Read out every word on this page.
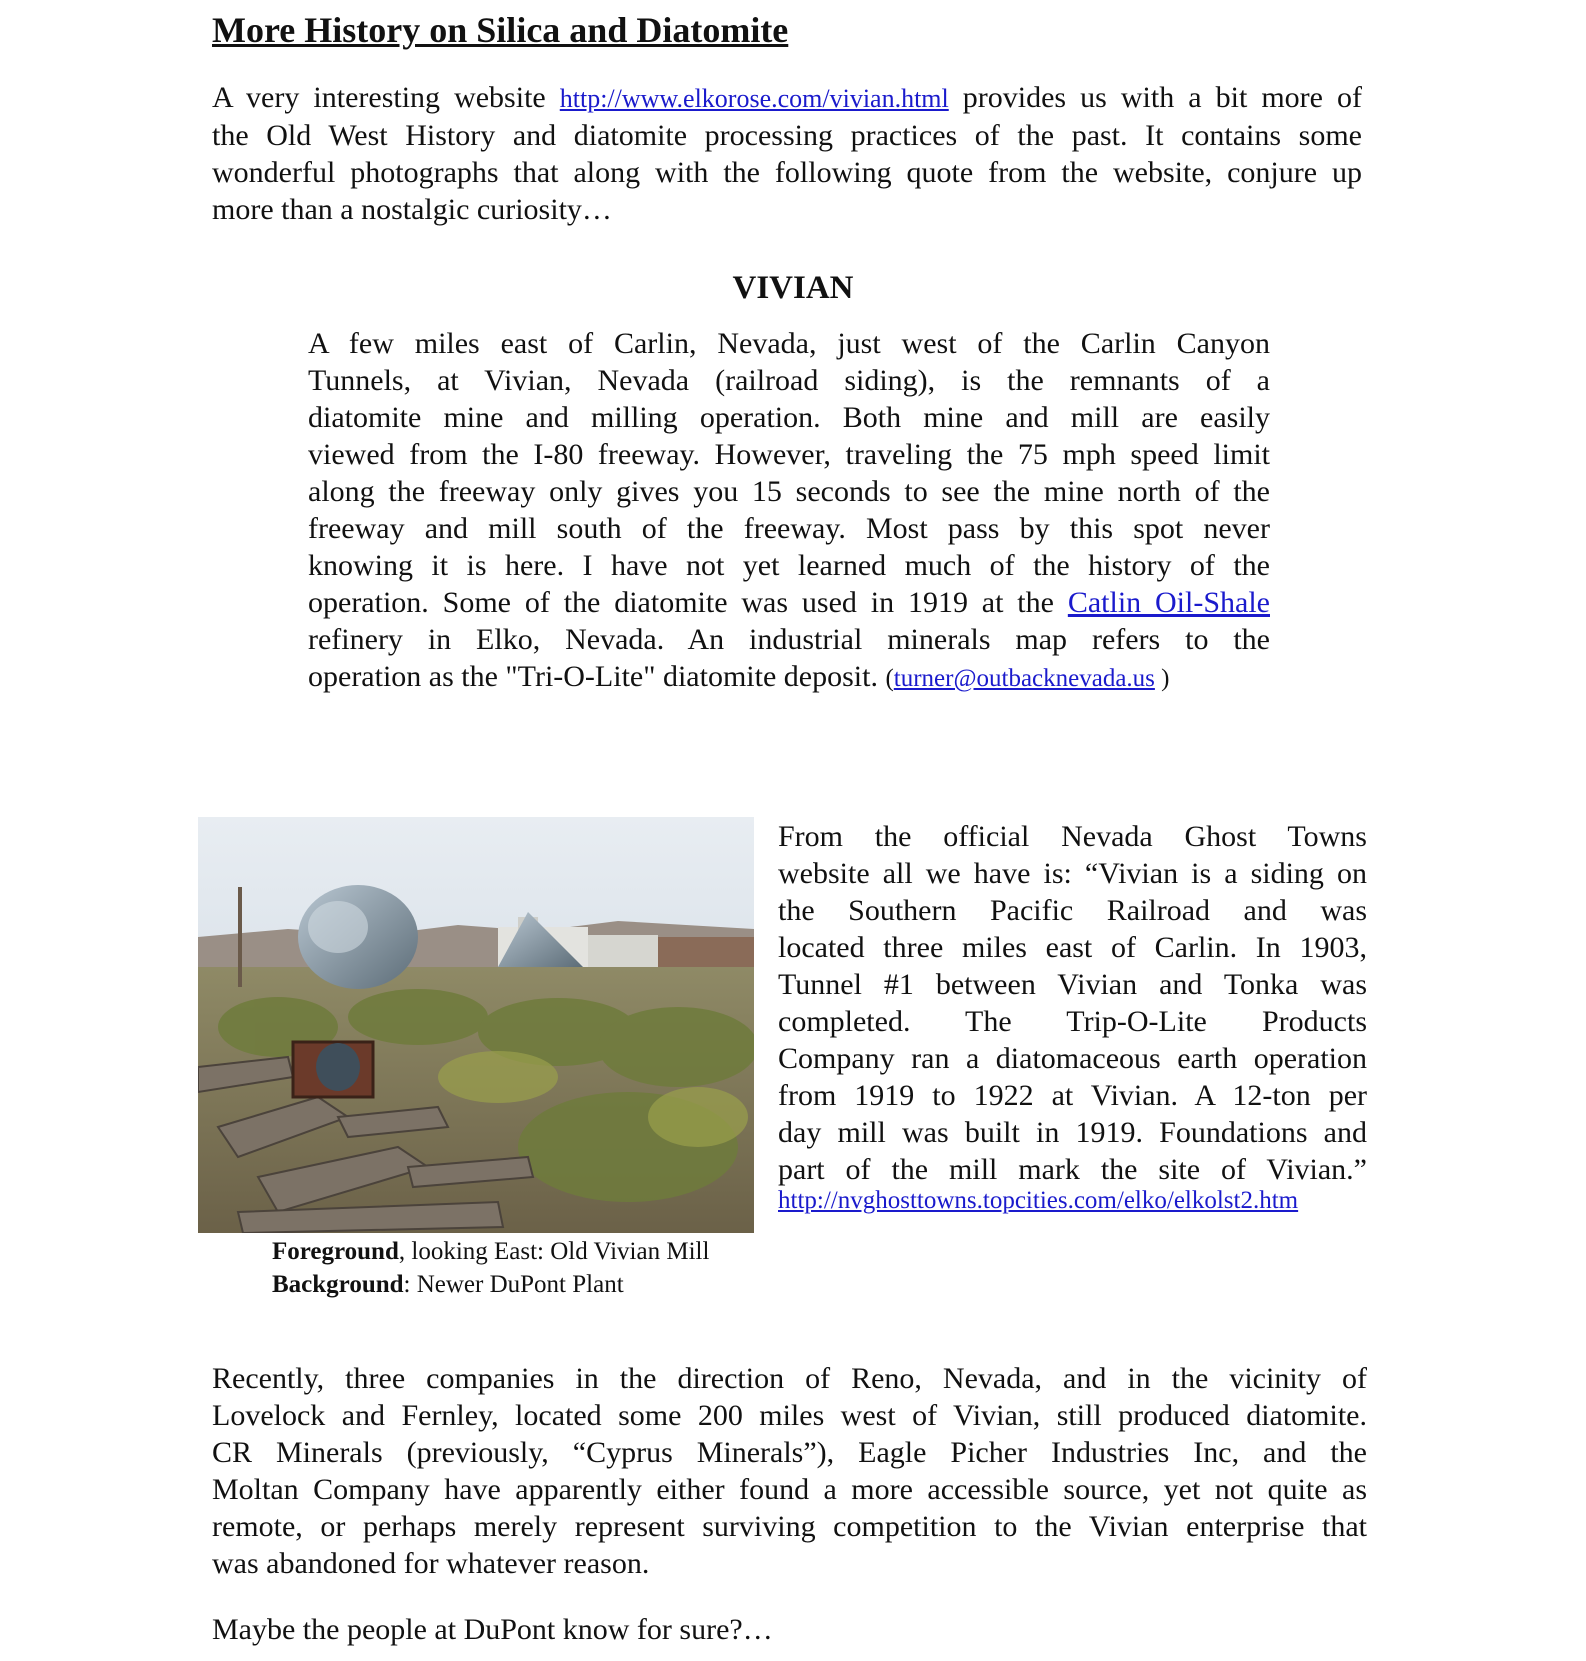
More History on Silica and Diatomite
A very interesting website http://www.elkorose.com/vivian.html provides us with a bit more of
the Old West History and diatomite processing practices of the past. It contains some
wonderful photographs that along with the following quote from the website, conjure up
more than a nostalgic curiosity…
VIVIAN
A few miles east of Carlin, Nevada, just west of the Carlin Canyon
Tunnels, at Vivian, Nevada (railroad siding), is the remnants of a
diatomite mine and milling operation. Both mine and mill are easily
viewed from the I-80 freeway. However, traveling the 75 mph speed limit
along the freeway only gives you 15 seconds to see the mine north of the
freeway and mill south of the freeway. Most pass by this spot never
knowing it is here. I have not yet learned much of the history of the
operation. Some of the diatomite was used in 1919 at the Catlin Oil-Shale
refinery in Elko, Nevada. An industrial minerals map refers to the
operation as the "Tri-O-Lite" diatomite deposit. (turner@outbacknevada.us )
Foreground, looking East: Old Vivian Mill
Background: Newer DuPont Plant
From the official Nevada Ghost Towns
website all we have is: “Vivian is a siding on
the Southern Pacific Railroad and was
located three miles east of Carlin. In 1903,
Tunnel #1 between Vivian and Tonka was
completed. The Trip-O-Lite Products
Company ran a diatomaceous earth operation
from 1919 to 1922 at Vivian. A 12-ton per
day mill was built in 1919. Foundations and
part of the mill mark the site of Vivian.”
http://nvghosttowns.topcities.com/elko/elkolst2.htm
Recently, three companies in the direction of Reno, Nevada, and in the vicinity of
Lovelock and Fernley, located some 200 miles west of Vivian, still produced diatomite.
CR Minerals (previously, “Cyprus Minerals”), Eagle Picher Industries Inc, and the
Moltan Company have apparently either found a more accessible source, yet not quite as
remote, or perhaps merely represent surviving competition to the Vivian enterprise that
was abandoned for whatever reason.
Maybe the people at DuPont know for sure?…
